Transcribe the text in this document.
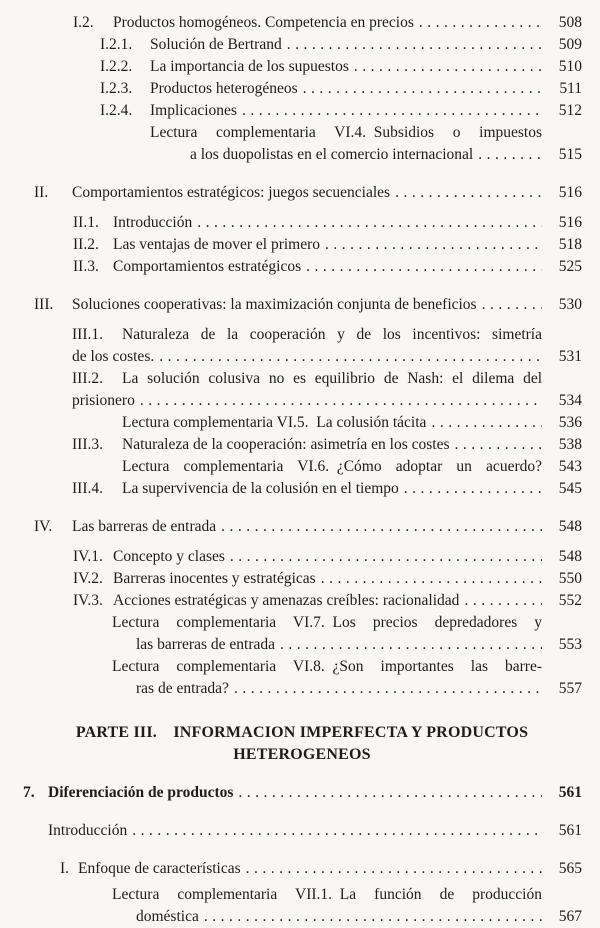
I.2.	Productos homogéneos. Competencia en precios .....	508
I.2.1.	Solución de Bertrand .....	509
I.2.2.	La importancia de los supuestos .....	510
I.2.3.	Productos heterogéneos .....	511
I.2.4.	Implicaciones .....	512
Lectura complementaria VI.4. Subsidios o impuestos
a los duopolistas en el comercio internacional .....	515
II.	Comportamientos estratégicos: juegos secuenciales .....	516
II.1. Introducción .....	516
II.2. Las ventajas de mover el primero .....	518
II.3. Comportamientos estratégicos .....	525
III.	Soluciones cooperativas: la maximización conjunta de beneficios .....	530
III.1.	Naturaleza de la cooperación y de los incentivos: simetría
de los costes. .....	531
III.2.	La solución colusiva no es equilibrio de Nash: el dilema del
prisionero .....	534
Lectura complementaria VI.5. La colusión tácita .....	536
III.3.	Naturaleza de la cooperación: asimetría en los costes .....	538
Lectura complementaria VI.6. ¿Cómo adoptar un acuerdo?	543
III.4.	La supervivencia de la colusión en el tiempo .....	545
IV.	Las barreras de entrada .....	548
IV.1. Concepto y clases .....	548
IV.2. Barreras inocentes y estratégicas .....	550
IV.3. Acciones estratégicas y amenazas creíbles: racionalidad .....	552
Lectura complementaria VI.7. Los precios depredadores y
las barreras de entrada .....	553
Lectura complementaria VI.8. ¿Son importantes las barre-
ras de entrada? .....	557
PARTE III.  INFORMACION IMPERFECTA Y PRODUCTOS
HETEROGENEOS
7. Diferenciación de productos .....	561
Introducción .....	561
I. Enfoque de características .....	565
Lectura complementaria VII.1. La función de producción
doméstica .....	567
